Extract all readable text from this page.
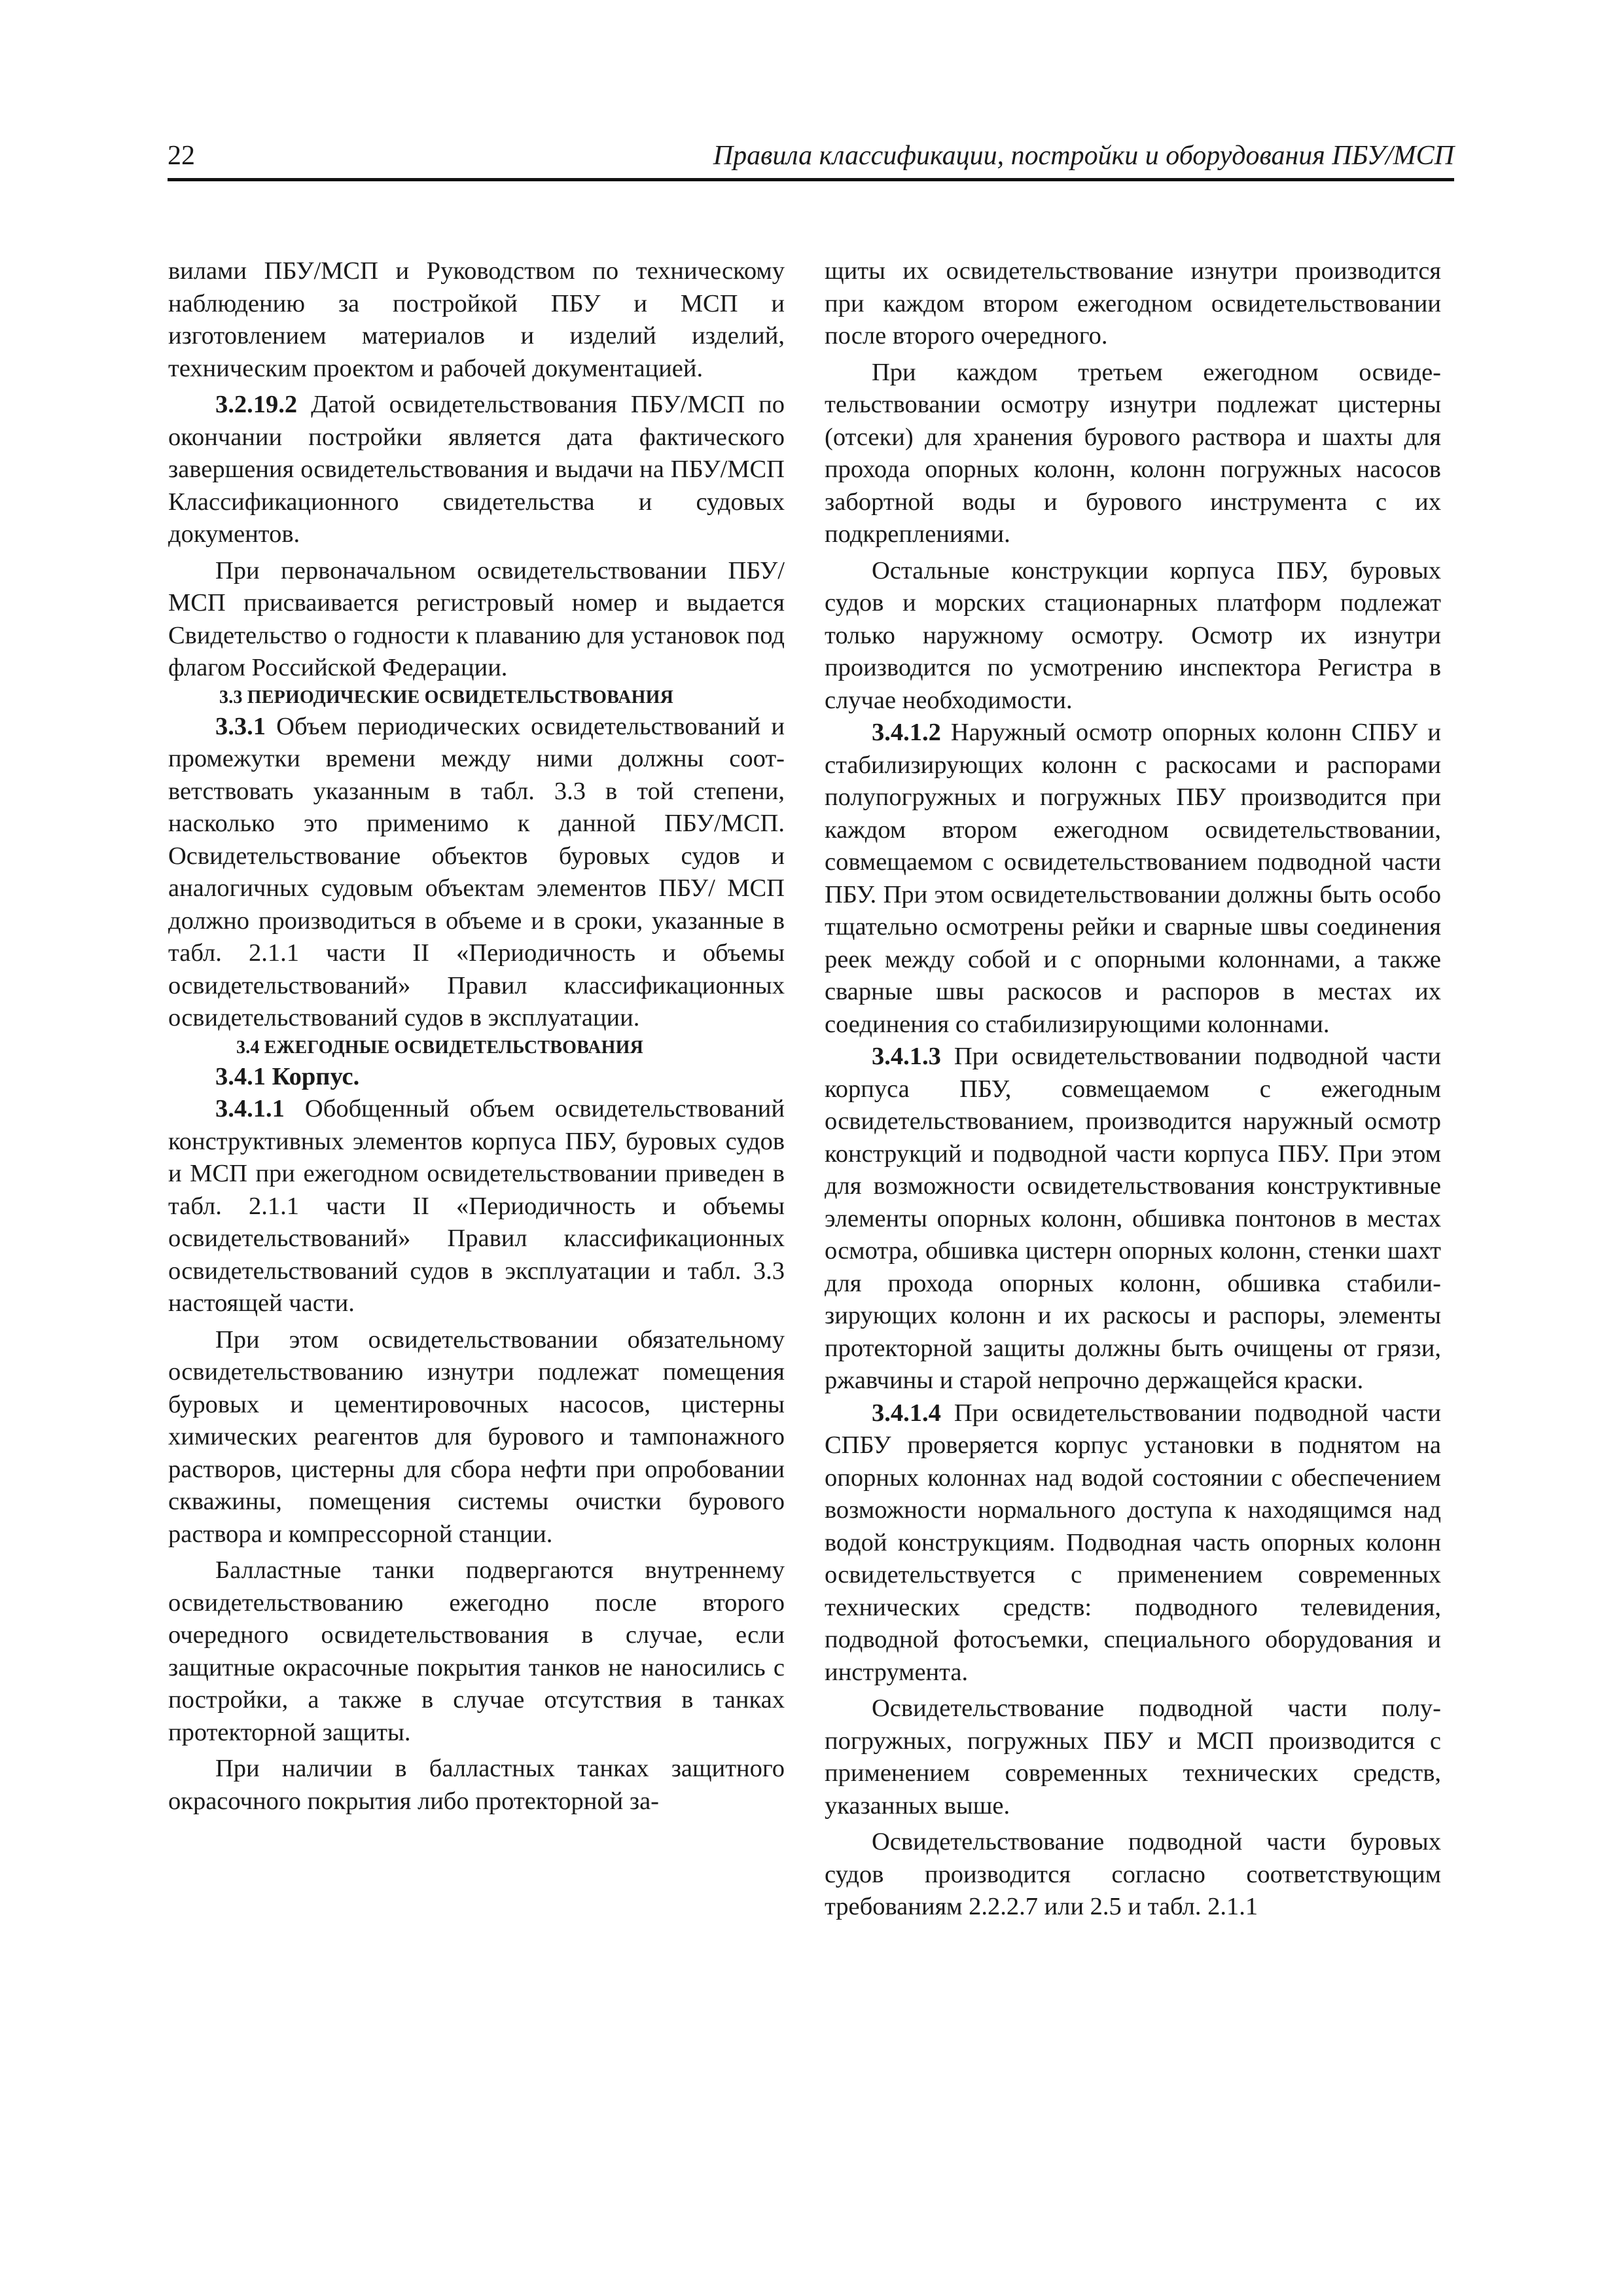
22	Правила классификации, постройки и оборудования ПБУ/МСП

вилами ПБУ/МСП и Руководством по техническому наблюдению за постройкой ПБУ и МСП и изготовлением материалов и изделий изделий, техническим проектом и рабочей документацией.

3.2.19.2 Датой освидетельствования ПБУ/МСП по окончании постройки является дата фактического завершения освидетельствования и выдачи на ПБУ/МСП Классификационного свидетельства и судовых документов.

При первоначальном освидетельствовании ПБУ/МСП присваивается регистровый номер и выдается Свидетельство о годности к плаванию для установок под флагом Российской Федерации.

3.3 ПЕРИОДИЧЕСКИЕ ОСВИДЕТЕЛЬСТВОВАНИЯ

3.3.1 Объем периодических освидетельствований и промежутки времени между ними должны соответствовать указанным в табл. 3.3 в той степени, насколько это применимо к данной ПБУ/МСП. Освидетельствование объектов буровых судов и аналогичных судовым объектам элементов ПБУ/ МСП должно производиться в объеме и в сроки, указанные в табл. 2.1.1 части II «Периодичность и объемы освидетельствований» Правил классификационных освидетельствований судов в эксплуатации.

3.4 ЕЖЕГОДНЫЕ ОСВИДЕТЕЛЬСТВОВАНИЯ

3.4.1 Корпус.

3.4.1.1 Обобщенный объем освидетельствований конструктивных элементов корпуса ПБУ, буровых судов и МСП при ежегодном освидетельствовании приведен в табл. 2.1.1 части II «Периодичность и объемы освидетельствований» Правил классификационных освидетельствований судов в эксплуатации и табл. 3.3 настоящей части.

При этом освидетельствовании обязательному освидетельствованию изнутри подлежат помещения буровых и цементировочных насосов, цистерны химических реагентов для бурового и тампонажного растворов, цистерны для сбора нефти при опробовании скважины, помещения системы очистки бурового раствора и компрессорной станции.

Балластные танки подвергаются внутреннему освидетельствованию ежегодно после второго очередного освидетельствования в случае, если защитные окрасочные покрытия танков не наносились с постройки, а также в случае отсутствия в танках протекторной защиты.

При наличии в балластных танках защитного окрасочного покрытия либо протекторной за-

щиты их освидетельствование изнутри производится при каждом втором ежегодном освидетельствовании после второго очередного.

При каждом третьем ежегодном освидетельствовании осмотру изнутри подлежат цистерны (отсеки) для хранения бурового раствора и шахты для прохода опорных колонн, колонн погружных насосов забортной воды и бурового инструмента с их подкреплениями.

Остальные конструкции корпуса ПБУ, буровых судов и морских стационарных платформ подлежат только наружному осмотру. Осмотр их изнутри производится по усмотрению инспектора Регистра в случае необходимости.

3.4.1.2 Наружный осмотр опорных колонн СПБУ и стабилизирующих колонн с раскосами и распорами полупогружных и погружных ПБУ производится при каждом втором ежегодном освидетельствовании, совмещаемом с освидетельствованием подводной части ПБУ. При этом освидетельствовании должны быть особо тщательно осмотрены рейки и сварные швы соединения реек между собой и с опорными колоннами, а также сварные швы раскосов и распоров в местах их соединения со стабилизирующими колоннами.

3.4.1.3 При освидетельствовании подводной части корпуса ПБУ, совмещаемом с ежегодным освидетельствованием, производится наружный осмотр конструкций и подводной части корпуса ПБУ. При этом для возможности освидетельствования конструктивные элементы опорных колонн, обшивка понтонов в местах осмотра, обшивка цистерн опорных колонн, стенки шахт для прохода опорных колонн, обшивка стабилизирующих колонн и их раскосы и распоры, элементы протекторной защиты должны быть очищены от грязи, ржавчины и старой непрочно держащейся краски.

3.4.1.4 При освидетельствовании подводной части СПБУ проверяется корпус установки в поднятом на опорных колоннах над водой состоянии с обеспечением возможности нормального доступа к находящимся над водой конструкциям. Подводная часть опорных колонн освидетельствуется с применением современных технических средств: подводного телевидения, подводной фотосъемки, специального оборудования и инструмента.

Освидетельствование подводной части полупогружных, погружных ПБУ и МСП производится с применением современных технических средств, указанных выше.

Освидетельствование подводной части буровых судов производится согласно соответствующим требованиям 2.2.2.7 или 2.5 и табл. 2.1.1
